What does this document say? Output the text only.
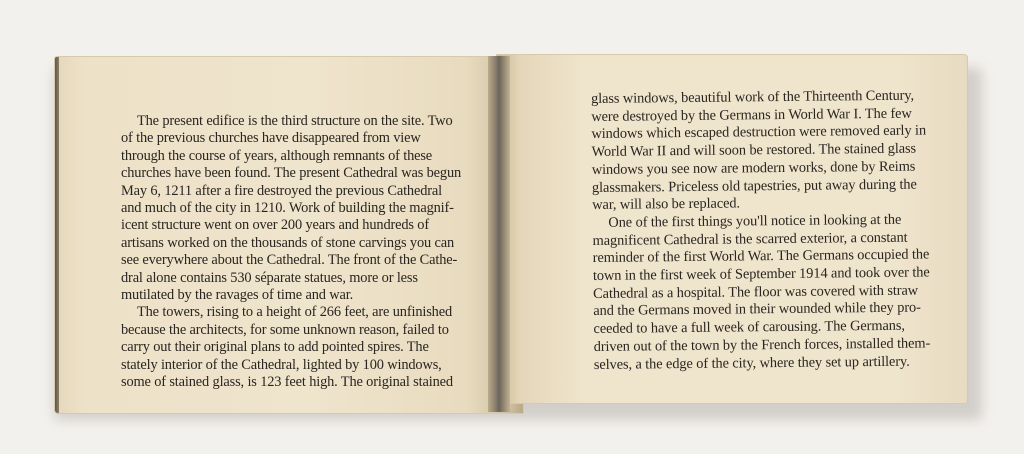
The present edifice is the third structure on the site. Two
of the previous churches have disappeared from view
through the course of years, although remnants of these
churches have been found. The present Cathedral was begun
May 6, 1211 after a fire destroyed the previous Cathedral
and much of the city in 1210. Work of building the magnif-
icent structure went on over 200 years and hundreds of
artisans worked on the thousands of stone carvings you can
see everywhere about the Cathedral. The front of the Cathe-
dral alone contains 530 séparate statues, more or less
mutilated by the ravages of time and war.
The towers, rising to a height of 266 feet, are unfinished
because the architects, for some unknown reason, failed to
carry out their original plans to add pointed spires. The
stately interior of the Cathedral, lighted by 100 windows,
some of stained glass, is 123 feet high. The original stained
glass windows, beautiful work of the Thirteenth Century,
were destroyed by the Germans in World War I. The few
windows which escaped destruction were removed early in
World War II and will soon be restored. The stained glass
windows you see now are modern works, done by Reims
glassmakers. Priceless old tapestries, put away during the
war, will also be replaced.
One of the first things you'll notice in looking at the
magnificent Cathedral is the scarred exterior, a constant
reminder of the first World War. The Germans occupied the
town in the first week of September 1914 and took over the
Cathedral as a hospital. The floor was covered with straw
and the Germans moved in their wounded while they pro-
ceeded to have a full week of carousing. The Germans,
driven out of the town by the French forces, installed them-
selves, a the edge of the city, where they set up artillery.
